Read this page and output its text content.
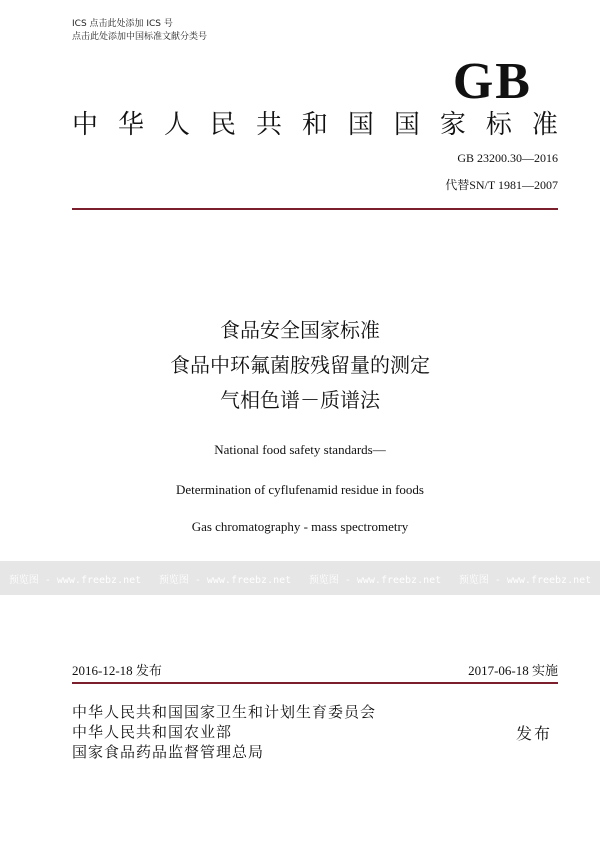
ICS 点击此处添加 ICS 号
点击此处添加中国标准文献分类号
GB
中 华 人 民 共 和 国 国 家 标 准
GB 23200.30—2016
代替SN/T 1981—2007
食品安全国家标准
食品中环氟菌胺残留量的测定
气相色谱－质谱法
National food safety standards—
Determination of cyflufenamid residue in foods
Gas chromatography - mass spectrometry
预览图 - www.freebz.net 预览图 - www.freebz.net 预览图 - www.freebz.net 预览图 - www.freebz.net
2016-12-18 发布	2017-06-18 实施
中华人民共和国国家卫生和计划生育委员会
中华人民共和国农业部
国家食品药品监督管理总局
发布
